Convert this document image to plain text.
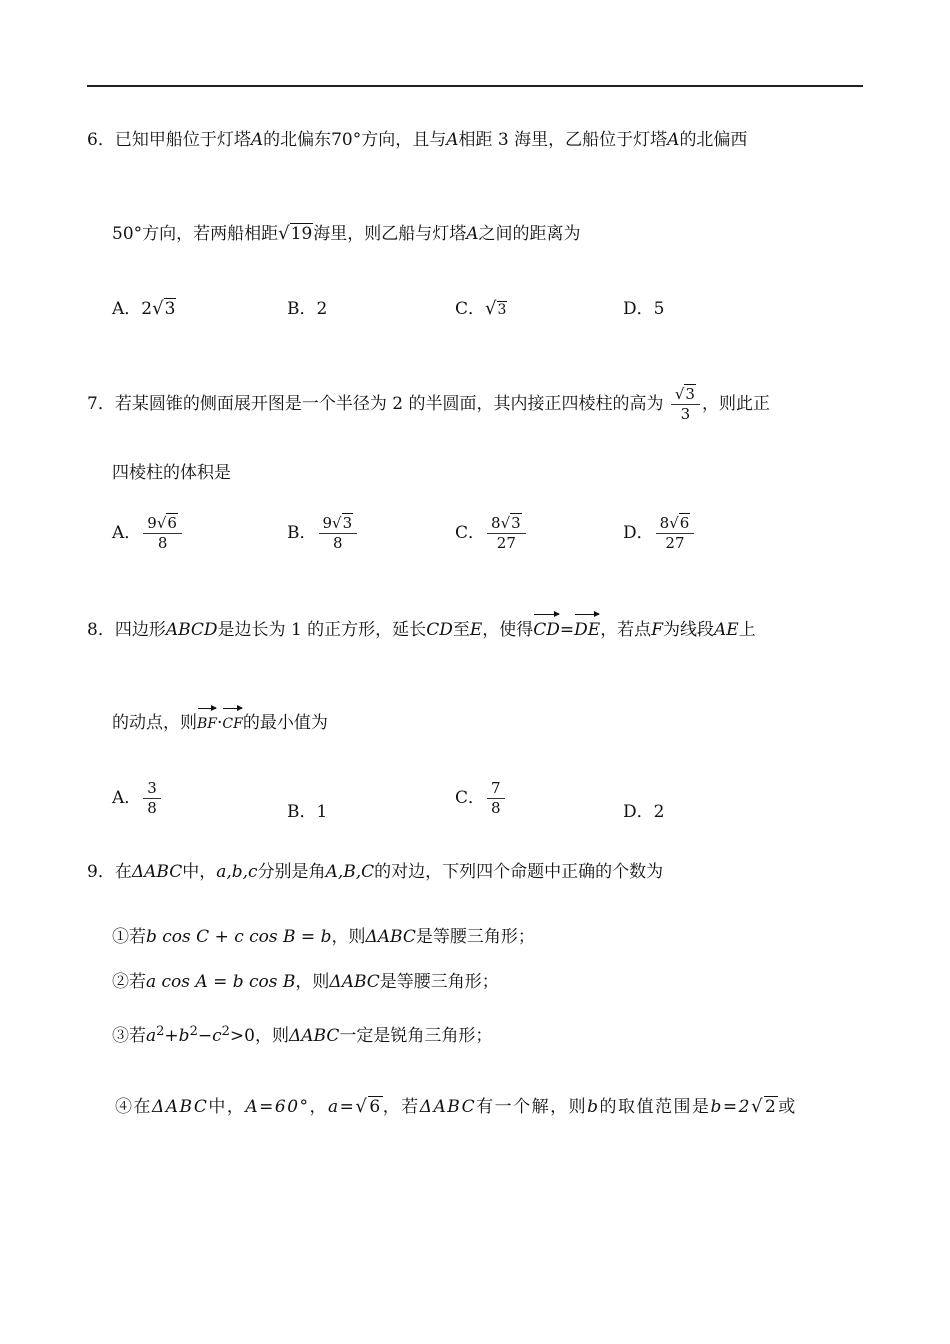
6．已知甲船位于灯塔A的北偏东70°方向，且与A相距 3 海里，乙船位于灯塔A的北偏西
50°方向，若两船相距√19海里，则乙船与灯塔A之间的距离为
A．2√3	B．2	C．√3	D．5
7．若某圆锥的侧面展开图是一个半径为 2 的半圆面，其内接正四棱柱的高为 $\frac{√3}{3}$ ，则此正
四棱柱的体积是
A． $\frac{9√6}{8}$	B． $\frac{9√3}{8}$	C． $\frac{8√3}{27}$	D． $\frac{8√6}{27}$
8．四边形ABCD是边长为 1 的正方形，延长CD至E，使得CD=DE，若点F为线段AE上
的动点，则BF·CF的最小值为
A． $\frac{3}{8}$	B．1
C． $\frac{7}{8}$	D．2
9．在ΔABC中，a,b,c分别是角A,B,C的对边，下列四个命题中正确的个数为
①若b cos C + c cos B = b，则ΔABC是等腰三角形；
②若a cos A = b cos B，则ΔABC是等腰三角形；
③若$a^2+b^2-c^2>0$，则ΔABC一定是锐角三角形；
④在ΔABC中，A=60°，a=√6，若ΔABC有一个解，则b的取值范围是b=2√2或
